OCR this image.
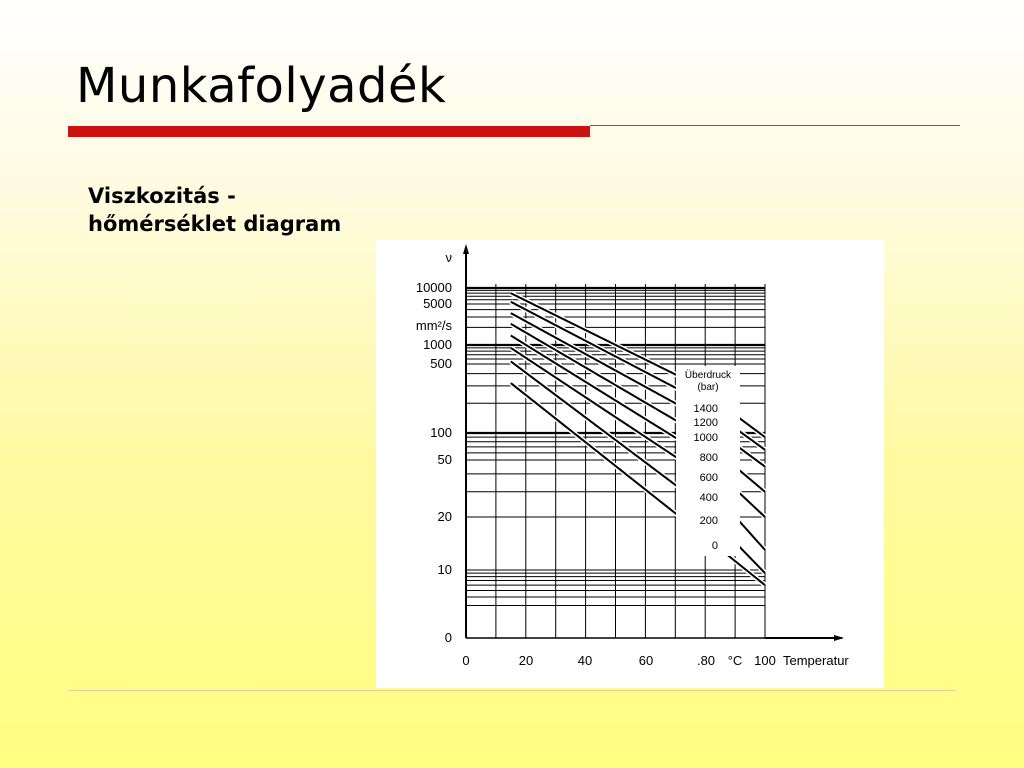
Munkafolyadék
Viszkozitás -
hőmérséklet diagram
Überdruck
(bar)
1400
1200
1000
800
600
400
200
0
10000
5000
1000
500
100
50
20
10
0
mm²/s
ν
0	20	40	60	.80 °C 100 Temperatur
